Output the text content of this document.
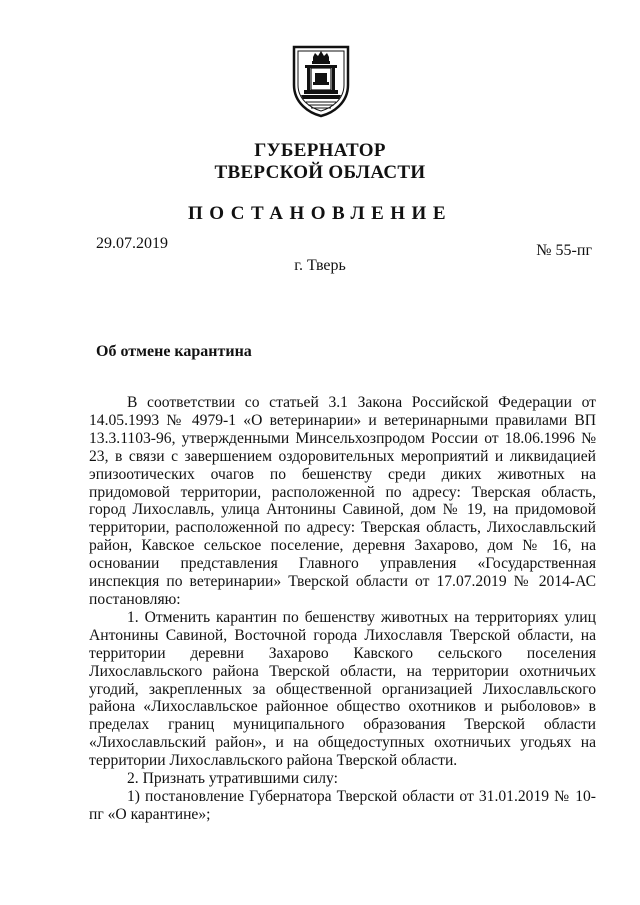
ГУБЕРНАТОР
ТВЕРСКОЙ ОБЛАСТИ
ПОСТАНОВЛЕНИЕ
29.07.2019	№ 55-пг
г. Тверь
Об отмене карантина

В соответствии со статьей 3.1 Закона Российской Федерации от 14.05.1993 № 4979-1 «О ветеринарии» и ветеринарными правилами ВП 13.3.1103-96, утвержденными Минсельхозпродом России от 18.06.1996 № 23, в связи с завершением оздоровительных мероприятий и ликвидацией эпизоотических очагов по бешенству среди диких животных на придомовой территории, расположенной по адресу: Тверская область, город Лихославль, улица Антонины Савиной, дом № 19, на придомовой территории, расположенной по адресу: Тверская область, Лихославльский район, Кавское сельское поселение, деревня Захарово, дом № 16, на основании представления Главного управления «Государственная инспекция по ветеринарии» Тверской области от 17.07.2019 № 2014-АС постановляю:

1. Отменить карантин по бешенству животных на территориях улиц Антонины Савиной, Восточной города Лихославля Тверской области, на территории деревни Захарово Кавского сельского поселения Лихославльского района Тверской области, на территории охотничьих угодий, закрепленных за общественной организацией Лихославльского района «Лихославльское районное общество охотников и рыболовов» в пределах границ муниципального образования Тверской области «Лихославльский район», и на общедоступных охотничьих угодьях на территории Лихославльского района Тверской области.

2. Признать утратившими силу:

1) постановление Губернатора Тверской области от 31.01.2019 № 10-пг «О карантине»;
